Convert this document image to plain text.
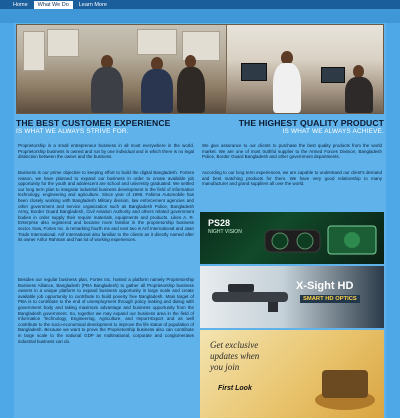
Home	What We Do	Learn More
THE BEST CUSTOMER EXPERIENCE	THE HIGHEST QUALITY PRODUCT
IS WHAT WE ALWAYS STRIVE FOR.	IS WHAT WE ALWAYS ACHIEVE.

Proprietorship is a small entrepreneur business in all most everywhere in the world. Proprietorship business is owned and run by one individual and in which there is no legal distinction between the owner and the business.

Business is our prime objective to keeping effort to build the digital Bangladesh. Fortera reason, we have planned to expand our business in order to create available job opportunity for the youth and adolescent are school and university graduated. We settled our long term plan to integrate industrial business development in the field of information technology, engineering and agriculture. Since year of 1998, Fahima Automobile has been closely working with Bangladesh Military division, law enforcement agencies and other government and service organization such as Bangladesh Police, Bangladesh Army, Border Guard Bangladesh, Civil Aviation Authority and others related government bodies in order supply their require materials, equipments and products. Likes A. R. Enterprise also registered and became more familiar in the proprietorship business sector. Now, Fortes Inc. is remarking fourth me and next two is Arif International and Jaan Trade International. Arif International also familiar to the clients as it directly named after its owner Arifur Rahman and has lot of working experiences.

Besides our regular business plan, Fortes Inc. hosted a platform namely Proprietorship Business Alliance, Bangladesh (PBA Bangladesh) to gather all Proprietorship business owners in a unique platform to expand business opportunity in large scale and create available job opportunity to contribute to build poverty free Bangladesh. Main target of PBA is to contribute to the end of unemployment through policy making and dialog with government body and taking maximum advantage and business opportunity from the Bangladesh government. So, together we may expand our business area in the field of Information Technology, Engineering, Agriculture, and Import-Export and as well contribute to the socio-economical development to improve the life status of population of Bangladesh. Because we want to prove the Proprietorship business also can contribute in large scale to the national GDP as multinational, corporate and conglomerates industrial business can do.

We give assurance to our clients to purchase the best quality products from the world market. We are one of most truthful supplier to the Armed Forces Division, Bangladesh Police, Border Guard Bangladesh and other government departments.

According to our long term experiences, we are capable to understand our client's demand and best matching products for them. We have very good relationship to many manufacturer and grand suppliers all over the world.

PS28
NIGHT VISION
X-Sight HD
SMART HD OPTICS
Get exclusive
updates when
you join
First Look
